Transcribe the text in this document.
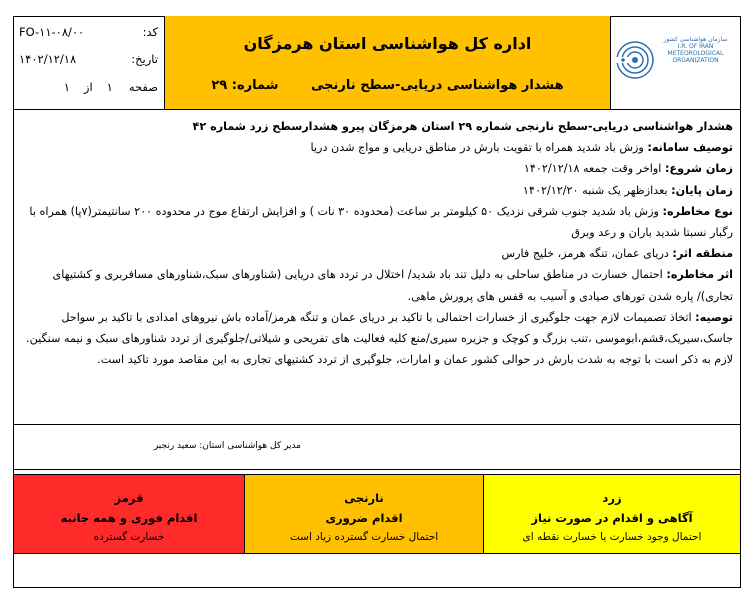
کد:
FO-۱۱-۰۸/۰۰
تاریخ:
۱۴۰۲/۱۲/۱۸
صفحه
۱
از
۱
اداره کل هواشناسی استان هرمزگان
هشدار هواشناسی دریایی-سطح نارنجی شماره: ۲۹
سازمان هواشناسی کشور
I.R. OF IRAN METEOROLOGICAL ORGANIZATION

هشدار هواشناسی دریایی-سطح نارنجی شماره ۲۹ استان هرمزگان پیرو هشدارسطح زرد شماره ۴۲

توصیف سامانه: وزش باد شدید همراه با تقویت بارش در مناطق دریایی و مواج شدن دریا

زمان شروع: اواخر وقت جمعه ۱۴۰۲/۱۲/۱۸

زمان پایان: بعدازظهر یک شنبه ۱۴۰۲/۱۲/۲۰

نوع مخاطره: وزش باد شدید جنوب شرقی نزدیک ۵۰ کیلومتر بر ساعت (محدوده ۳۰ نات ) و افزایش ارتفاع موج در محدوده ۲۰۰ سانتیمتر(۷پا) همراه با رگبار نسبتا شدید باران و رعد وبرق

منطقه اثر: دریای عمان، تنگه هرمز، خلیج فارس

اثر مخاطره: احتمال خسارت در مناطق ساحلی به دلیل تند باد شدید/ اختلال در تردد های دریایی (شناورهای سبک،شناورهای مسافربری و کشتیهای تجاری)/ پاره شدن تورهای صیادی و آسیب به قفس های پرورش ماهی.

توصیه: اتخاذ تصمیمات لازم جهت جلوگیری از خسارات احتمالی با تاکید بر دریای عمان و تنگه هرمز/آماده باش نیروهای امدادی با تاکید بر سواحل جاسک،سیریک،قشم،ابوموسی ،تنب بزرگ و کوچک و جزیره سیری/منع کلیه فعالیت های تفریحی و شیلاتی/جلوگیری از تردد شناورهای سبک و نیمه سنگین.

لازم به ذکر است با توجه به شدت بارش در حوالی کشور عمان و امارات، جلوگیری از تردد کشتیهای تجاری به این مقاصد مورد تاکید است.

مدیر کل هواشناسی استان: سعید رنجبر
قرمز
اقدام فوری و همه جانبه
خسارت گسترده
نارنجی
اقدام ضروری
احتمال خسارت گسترده زیاد است
زرد
آگاهی و اقدام در صورت نیاز
احتمال وجود خسارت یا خسارت نقطه ای
